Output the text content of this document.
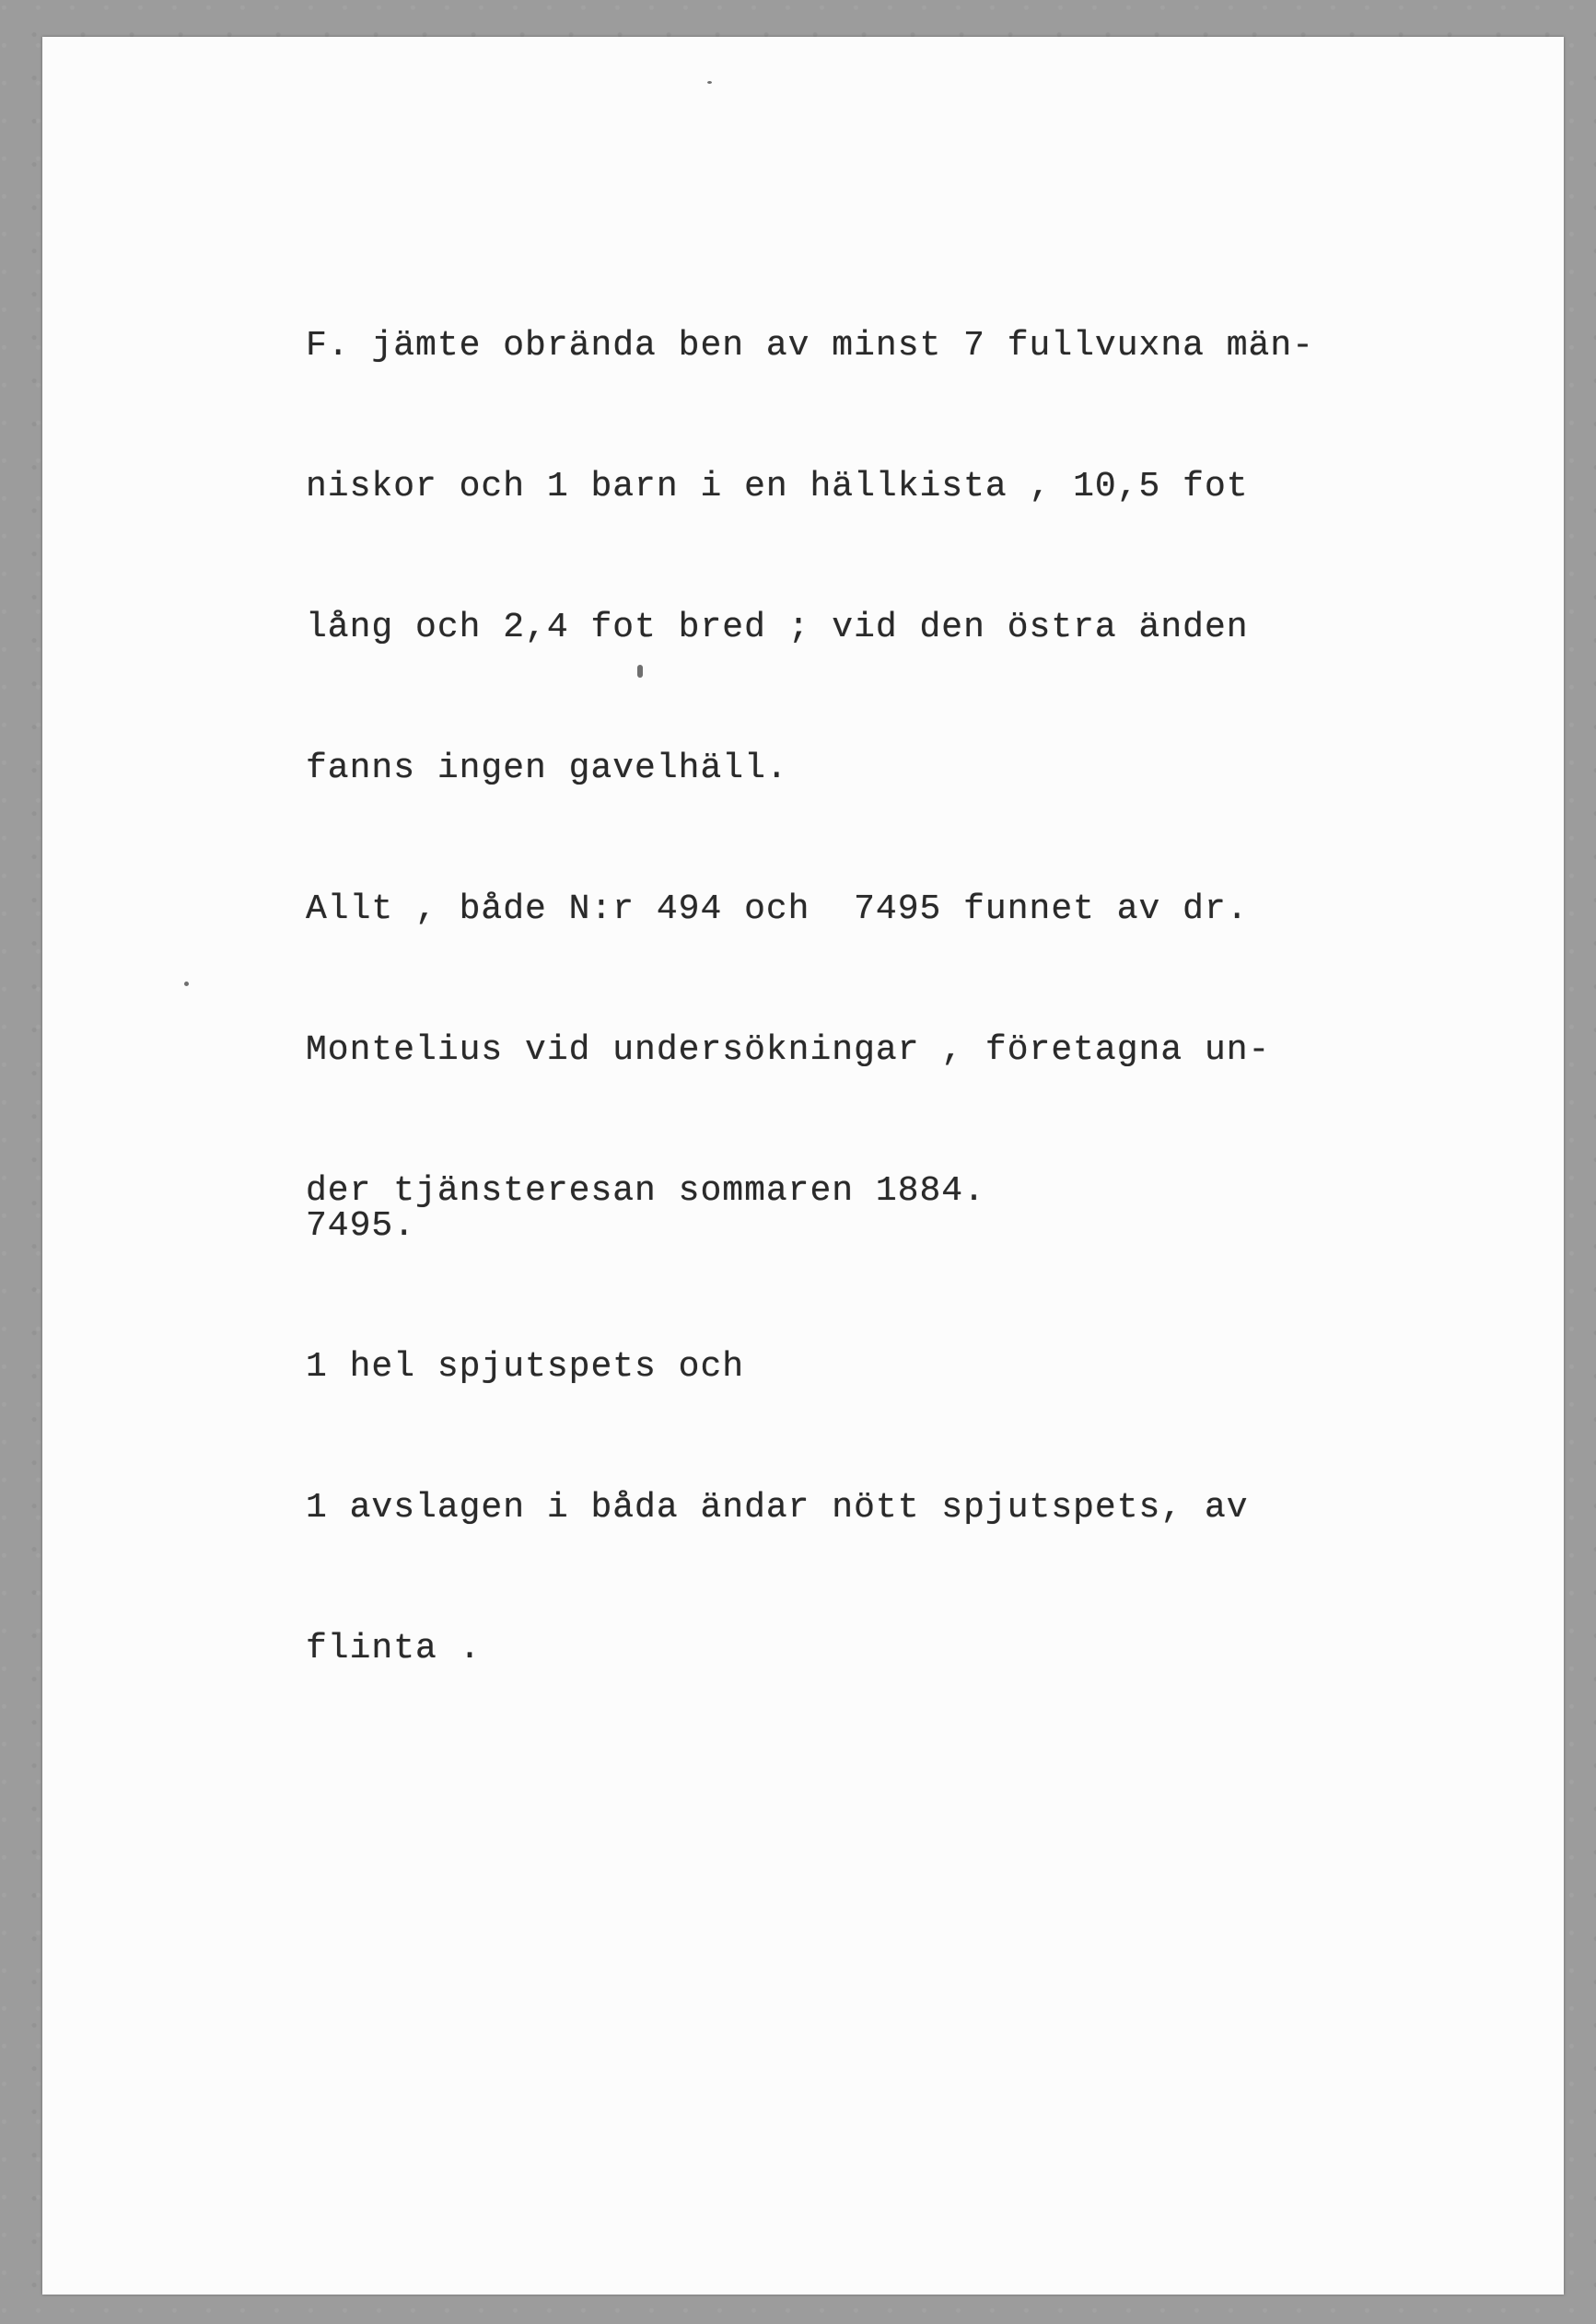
F. jämte obrända ben av minst 7 fullvuxna män-

niskor och 1 barn i en hällkista , 10,5 fot

lång och 2,4 fot bred ; vid den östra änden

fanns ingen gavelhäll.

Allt , både N:r 494 och  7495 funnet av dr.

Montelius vid undersökningar , företagna un-

der tjänsteresan sommaren 1884.

7495.

1 hel spjutspets och

1 avslagen i båda ändar nött spjutspets, av

flinta .
